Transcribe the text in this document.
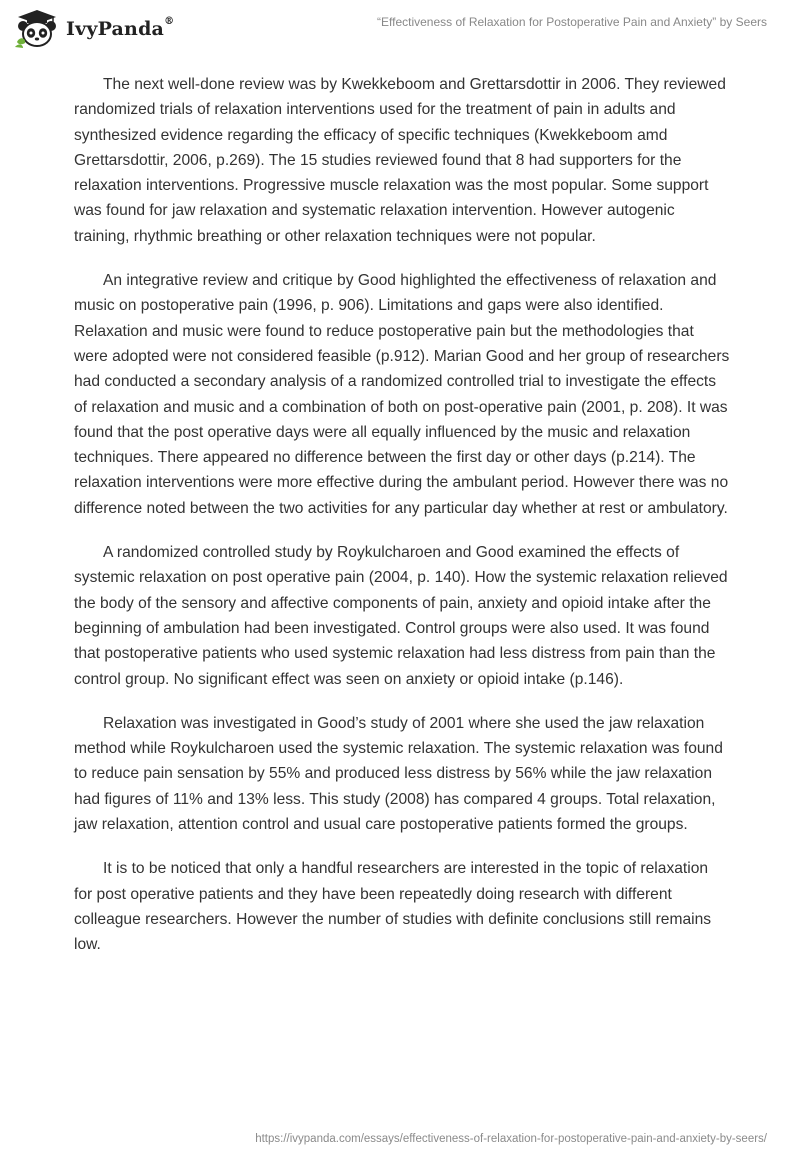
IvyPanda®	“Effectiveness of Relaxation for Postoperative Pain and Anxiety” by Seers

The next well-done review was by Kwekkeboom and Grettarsdottir in 2006. They reviewed randomized trials of relaxation interventions used for the treatment of pain in adults and synthesized evidence regarding the efficacy of specific techniques (Kwekkeboom amd Grettarsdottir, 2006, p.269). The 15 studies reviewed found that 8 had supporters for the relaxation interventions. Progressive muscle relaxation was the most popular. Some support was found for jaw relaxation and systematic relaxation intervention. However autogenic training, rhythmic breathing or other relaxation techniques were not popular.

An integrative review and critique by Good highlighted the effectiveness of relaxation and music on postoperative pain (1996, p. 906). Limitations and gaps were also identified. Relaxation and music were found to reduce postoperative pain but the methodologies that were adopted were not considered feasible (p.912). Marian Good and her group of researchers had conducted a secondary analysis of a randomized controlled trial to investigate the effects of relaxation and music and a combination of both on post-operative pain (2001, p. 208). It was found that the post operative days were all equally influenced by the music and relaxation techniques. There appeared no difference between the first day or other days (p.214). The relaxation interventions were more effective during the ambulant period. However there was no difference noted between the two activities for any particular day whether at rest or ambulatory.

A randomized controlled study by Roykulcharoen and Good examined the effects of systemic relaxation on post operative pain (2004, p. 140). How the systemic relaxation relieved the body of the sensory and affective components of pain, anxiety and opioid intake after the beginning of ambulation had been investigated. Control groups were also used. It was found that postoperative patients who used systemic relaxation had less distress from pain than the control group. No significant effect was seen on anxiety or opioid intake (p.146).

Relaxation was investigated in Good’s study of 2001 where she used the jaw relaxation method while Roykulcharoen used the systemic relaxation. The systemic relaxation was found to reduce pain sensation by 55% and produced less distress by 56% while the jaw relaxation had figures of 11% and 13% less. This study (2008) has compared 4 groups. Total relaxation, jaw relaxation, attention control and usual care postoperative patients formed the groups.

It is to be noticed that only a handful researchers are interested in the topic of relaxation for post operative patients and they have been repeatedly doing research with different colleague researchers. However the number of studies with definite conclusions still remains low.

https://ivypanda.com/essays/effectiveness-of-relaxation-for-postoperative-pain-and-anxiety-by-seers/
